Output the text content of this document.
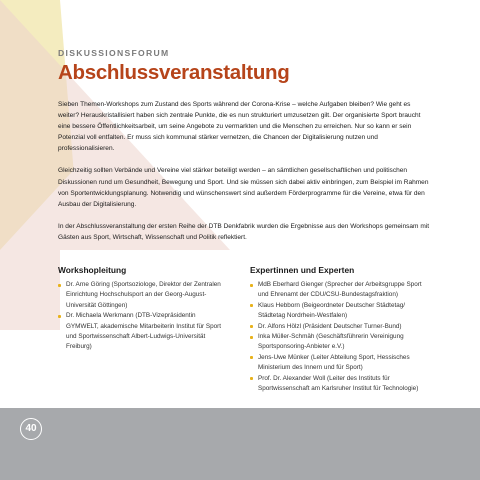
DISKUSSIONSFORUM
Abschlussveranstaltung

Sieben Themen-Workshops zum Zustand des Sports während der Corona-Krise – welche Aufgaben bleiben? Wie geht es weiter? Herauskristallisiert haben sich zentrale Punkte, die es nun strukturiert umzusetzen gilt. Der organisierte Sport braucht eine bessere Öffentlichkeitsarbeit, um seine Angebote zu vermarkten und die Menschen zu erreichen. Nur so kann er sein Potenzial voll entfalten. Er muss sich kommunal stärker vernetzen, die Chancen der Digitalisierung nutzen und professionalisieren.

Gleichzeitig sollten Verbände und Vereine viel stärker beteiligt werden – an sämtlichen gesellschaftlichen und politischen Diskussionen rund um Gesundheit, Bewegung und Sport. Und sie müssen sich dabei aktiv einbringen, zum Beispiel im Rahmen von Sportentwicklungsplanung. Notwendig und wünschenswert sind außerdem Förderprogramme für die Vereine, etwa für den Ausbau der Digitalisierung.

In der Abschlussveranstaltung der ersten Reihe der DTB Denkfabrik wurden die Ergebnisse aus den Workshops gemeinsam mit Gästen aus Sport, Wirtschaft, Wissenschaft und Politik reflektiert.

Workshopleitung
Dr. Arne Göring (Sportsoziologe, Direktor der Zentralen Einrichtung Hochschulsport an der Georg-August-Universität Göttingen)
Dr. Michaela Werkmann (DTB-Vizepräsidentin GYMWELT, akademische Mitarbeiterin Institut für Sport und Sportwissenschaft Albert-Ludwigs-Universität Freiburg)
Expertinnen und Experten
MdB Eberhard Gienger (Sprecher der Arbeitsgruppe Sport und Ehrenamt der CDU/CSU-Bundestagsfraktion)
Klaus Hebborn (Beigeordneter Deutscher Städtetag/ Städtetag Nordrhein-Westfalen)
Dr. Alfons Hölzl (Präsident Deutscher Turner-Bund)
Inka Müller-Schmäh (Geschäftsführerin Vereinigung Sportsponsoring-Anbieter e.V.)
Jens-Uwe Münker (Leiter Abteilung Sport, Hessisches Ministerium des Innern und für Sport)
Prof. Dr. Alexander Woll (Leiter des Instituts für Sportwissenschaft am Karlsruher Institut für Technologie)
40
